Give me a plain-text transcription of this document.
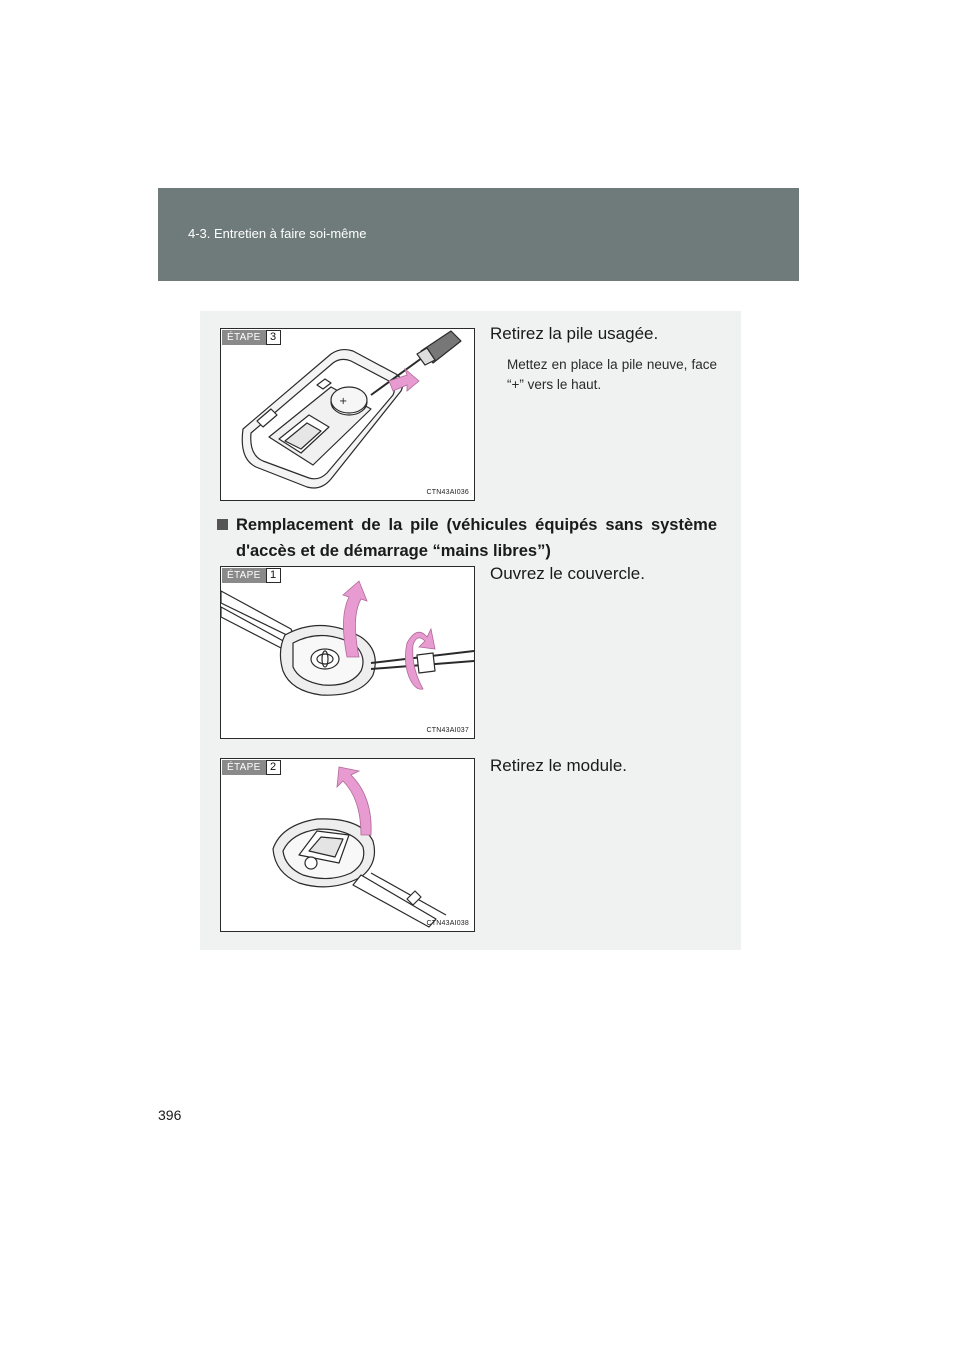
4-3. Entretien à faire soi-même
+
ÉTAPE 3
CTN43AI036
Retirez la pile usagée.
Mettez en place la pile neuve, face “+” vers le haut.
Remplacement de la pile (véhicules équipés sans système
d'accès et de démarrage “mains libres”)
ÉTAPE 1
CTN43AI037
Ouvrez le couvercle.
ÉTAPE 2
CTN43AI038
Retirez le module.
396
